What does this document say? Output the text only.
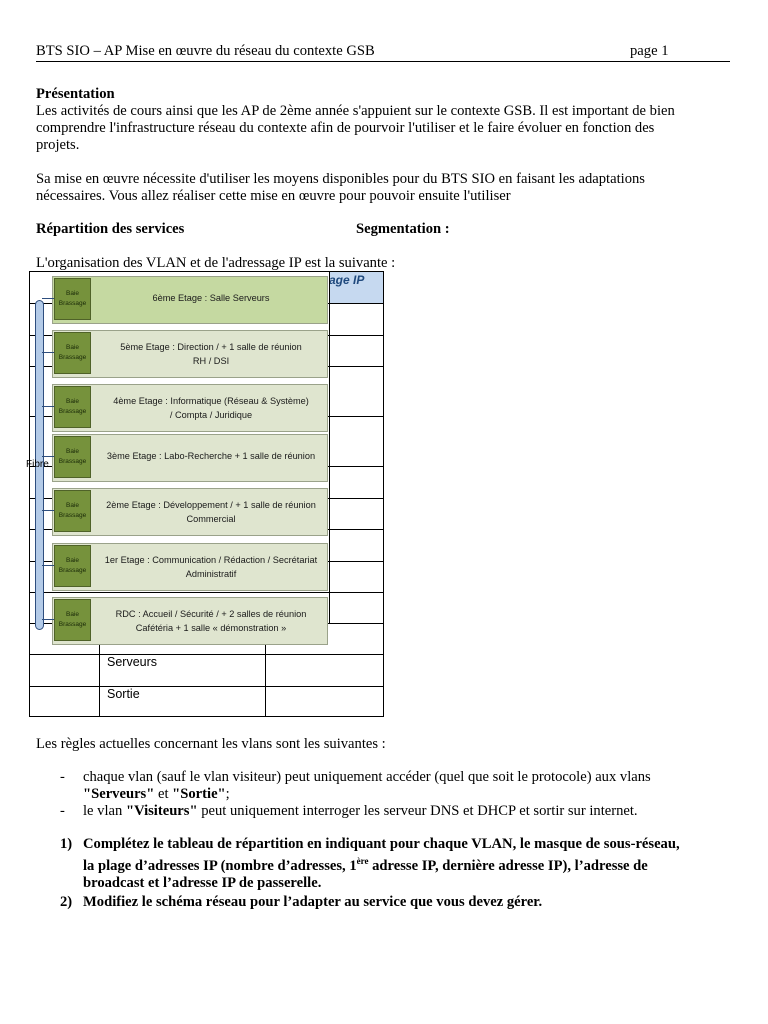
BTS SIO – AP Mise en œuvre du réseau du contexte GSB	page 1

Présentation

Les activités de cours ainsi que les AP de 2ème année s'appuient sur le contexte GSB. Il est important de bien

comprendre l'infrastructure réseau du contexte afin de pourvoir l'utiliser et le faire évoluer en fonction des

projets.

Sa mise en œuvre nécessite d'utiliser les moyens disponibles pour du BTS SIO en faisant les adaptations

nécessaires. Vous allez réaliser cette mise en œuvre pour pouvoir ensuite l'utiliser

Répartition des services	Segmentation :
L'organisation des VLAN et de l'adressage IP est la suivante :
age IP
Serveurs
Sortie
Fibre
Baie
Brassage
6ème Etage : Salle Serveurs
Baie
Brassage
5ème Etage : Direction / + 1 salle de réunion
RH / DSI
Baie
Brassage
4ème Etage : Informatique (Réseau & Système)
/ Compta / Juridique
Baie
Brassage
3ème Etage : Labo-Recherche + 1 salle de réunion
Baie
Brassage
2ème Etage : Développement / + 1 salle de réunion
Commercial
Baie
Brassage
1er Etage : Communication / Rédaction / Secrétariat
Administratif
Baie
Brassage
RDC : Accueil / Sécurité / + 2 salles de réunion
Cafétéria + 1 salle « démonstration »
Les règles actuelles concernant les vlans sont les suivantes :
- chaque vlan (sauf le vlan visiteur) peut uniquement accéder (quel que soit le protocole) aux vlans

"Serveurs" et "Sortie";

- le vlan "Visiteurs" peut uniquement interroger les serveur DNS et DHCP et sortir sur internet.

1) Complétez le tableau de répartition en indiquant pour chaque VLAN, le masque de sous-réseau,

la plage d’adresses IP (nombre d’adresses, 1ère adresse IP, dernière adresse IP), l’adresse de

broadcast et l’adresse IP de passerelle.

2) Modifiez le schéma réseau pour l’adapter au service que vous devez gérer.
